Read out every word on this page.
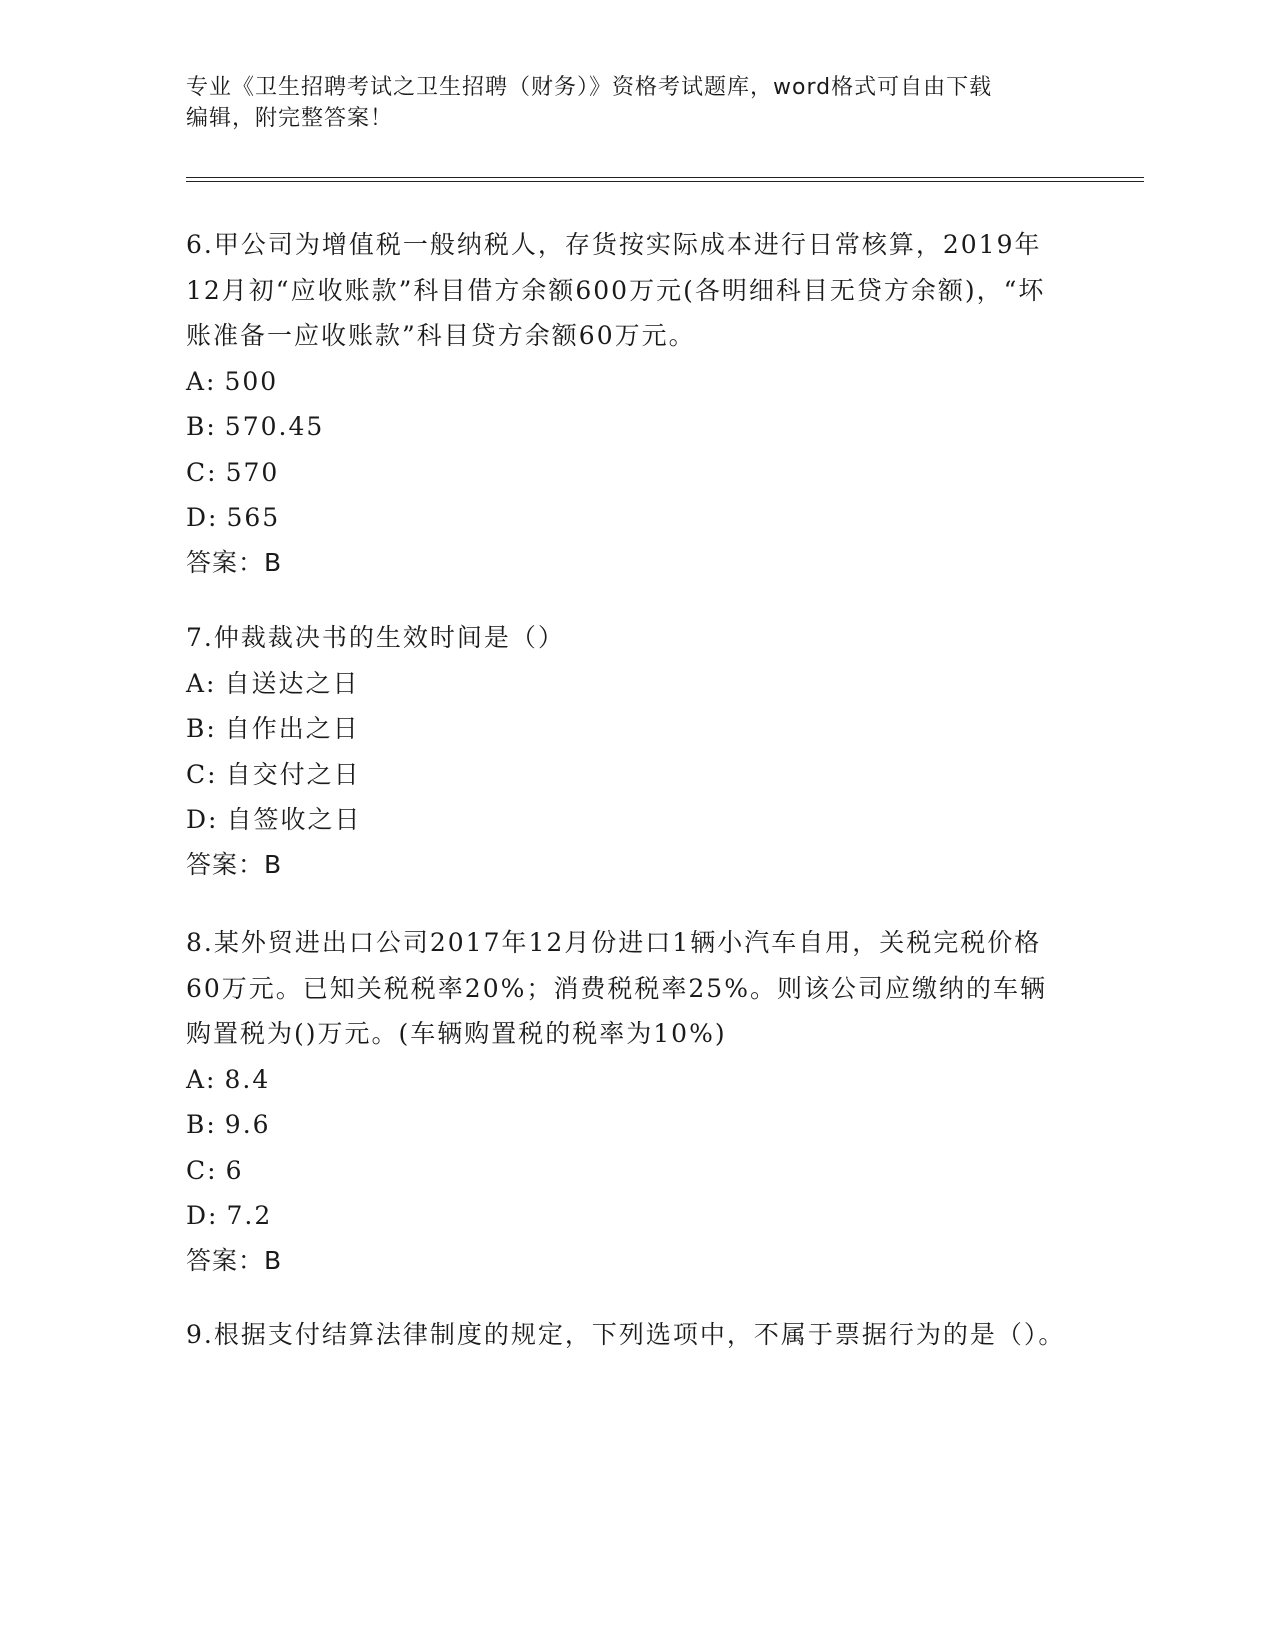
专业《卫生招聘考试之卫生招聘（财务）》资格考试题库，word格式可自由下载
编辑，附完整答案！
6.甲公司为增值税一般纳税人，存货按实际成本进行日常核算，2019年12月初“应收账款”科目借方余额600万元(各明细科目无贷方余额)，“坏账准备一应收账款”科目贷方余额60万元。
A: 500
B: 570.45
C: 570
D: 565
答案：B
7.仲裁裁决书的生效时间是（）
A: 自送达之日
B: 自作出之日
C: 自交付之日
D: 自签收之日
答案：B
8.某外贸进出口公司2017年12月份进口1辆小汽车自用，关税完税价格60万元。已知关税税率20%；消费税税率25%。则该公司应缴纳的车辆购置税为()万元。(车辆购置税的税率为10%)
A: 8.4
B: 9.6
C: 6
D: 7.2
答案：B
9.根据支付结算法律制度的规定，下列选项中，不属于票据行为的是（）。
